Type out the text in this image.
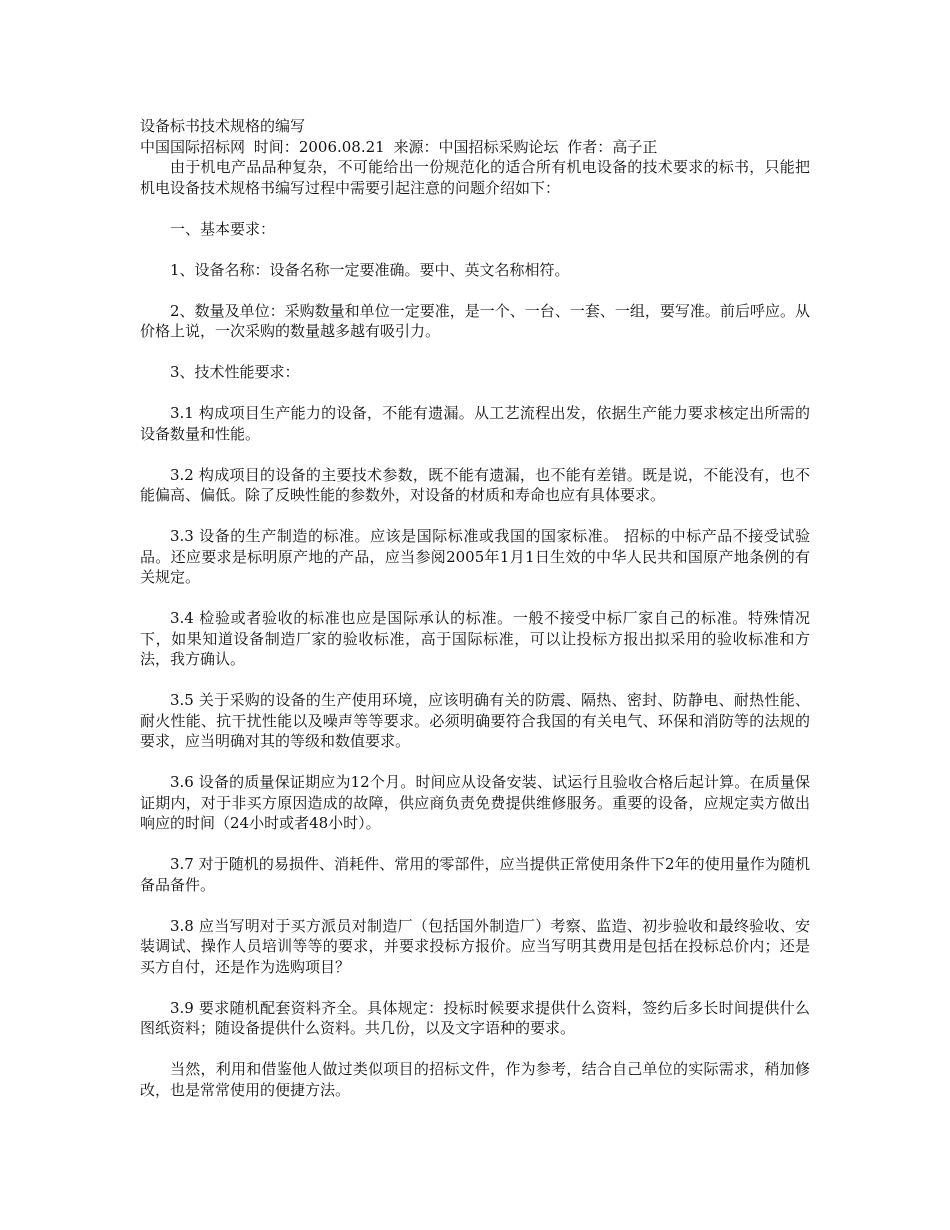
设备标书技术规格的编写
中国国际招标网 时间：2006.08.21 来源：中国招标采购论坛 作者：高子正

由于机电产品品种复杂，不可能给出一份规范化的适合所有机电设备的技术要求的标书，只能把机电设备技术规格书编写过程中需要引起注意的问题介绍如下：

一、基本要求：

1、设备名称：设备名称一定要准确。要中、英文名称相符。

2、数量及单位：采购数量和单位一定要准，是一个、一台、一套、一组，要写准。前后呼应。从价格上说，一次采购的数量越多越有吸引力。

3、技术性能要求：

3.1 构成项目生产能力的设备，不能有遗漏。从工艺流程出发，依据生产能力要求核定出所需的设备数量和性能。

3.2 构成项目的设备的主要技术参数，既不能有遗漏，也不能有差错。既是说，不能没有，也不能偏高、偏低。除了反映性能的参数外，对设备的材质和寿命也应有具体要求。

3.3 设备的生产制造的标准。应该是国际标准或我国的国家标准。 招标的中标产品不接受试验品。还应要求是标明原产地的产品，应当参阅2005年1月1日生效的中华人民共和国原产地条例的有关规定。

3.4 检验或者验收的标准也应是国际承认的标准。一般不接受中标厂家自己的标准。特殊情况下，如果知道设备制造厂家的验收标准，高于国际标准，可以让投标方报出拟采用的验收标准和方法，我方确认。

3.5 关于采购的设备的生产使用环境，应该明确有关的防震、隔热、密封、防静电、耐热性能、耐火性能、抗干扰性能以及噪声等等要求。必须明确要符合我国的有关电气、环保和消防等的法规的要求，应当明确对其的等级和数值要求。

3.6 设备的质量保证期应为12个月。时间应从设备安装、试运行且验收合格后起计算。在质量保证期内，对于非买方原因造成的故障，供应商负责免费提供维修服务。重要的设备，应规定卖方做出响应的时间（24小时或者48小时）。

3.7 对于随机的易损件、消耗件、常用的零部件，应当提供正常使用条件下2年的使用量作为随机备品备件。

3.8 应当写明对于买方派员对制造厂（包括国外制造厂）考察、监造、初步验收和最终验收、安装调试、操作人员培训等等的要求，并要求投标方报价。应当写明其费用是包括在投标总价内；还是买方自付，还是作为选购项目？

3.9 要求随机配套资料齐全。具体规定：投标时候要求提供什么资料，签约后多长时间提供什么图纸资料；随设备提供什么资料。共几份，以及文字语种的要求。

当然，利用和借鉴他人做过类似项目的招标文件，作为参考，结合自己单位的实际需求，稍加修改，也是常常使用的便捷方法。
